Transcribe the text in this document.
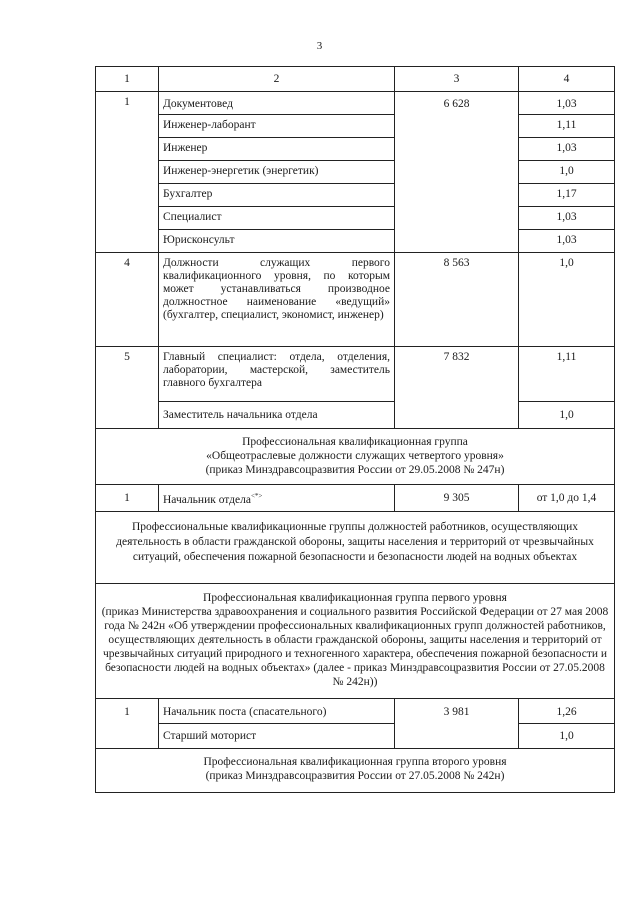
3
1	2	3	4
1	Документовед	6 628	1,03
	Инженер-лаборант		1,11
	Инженер		1,03
	Инженер-энергетик (энергетик)		1,0
	Бухгалтер		1,17
	Специалист		1,03
	Юрисконсульт		1,03
4	Должности служащих первого квалификационного уровня, по которым может устанавливаться производное должностное наименование «ведущий» (бухгалтер, специалист, экономист, инженер)	8 563	1,0
5	Главный специалист: отдела, отделения, лаборатории, мастерской, заместитель главного бухгалтера	7 832	1,11
	Заместитель начальника отдела		1,0

Профессиональная квалификационная группа
«Общеотраслевые должности служащих четвертого уровня»
(приказ Минздравсоцразвития России от 29.05.2008 № 247н)			

1	Начальник отдела<*>	9 305	от 1,0 до 1,4
Профессиональные квалификационные группы должностей работников, осуществляющих деятельность в области гражданской обороны, защиты населения и территорий от чрезвычайных ситуаций, обеспечения пожарной безопасности и безопасности людей на водных объектах			

Профессиональная квалификационная группа первого уровня
(приказ Министерства здравоохранения и социального развития Российской Федерации от 27 мая 2008 года № 242н «Об утверждении профессиональных квалификационных групп должностей работников, осуществляющих деятельность в области гражданской обороны, защиты населения и территорий от чрезвычайных ситуаций природного и техногенного характера, обеспечения пожарной безопасности и безопасности людей на водных объектах» (далее - приказ Минздравсоцразвития России от 27.05.2008 № 242н))			

1	Начальник поста (спасательного)	3 981	1,26
	Старший моторист		1,0

Профессиональная квалификационная группа второго уровня
(приказ Минздравсоцразвития России от 27.05.2008 № 242н)			
